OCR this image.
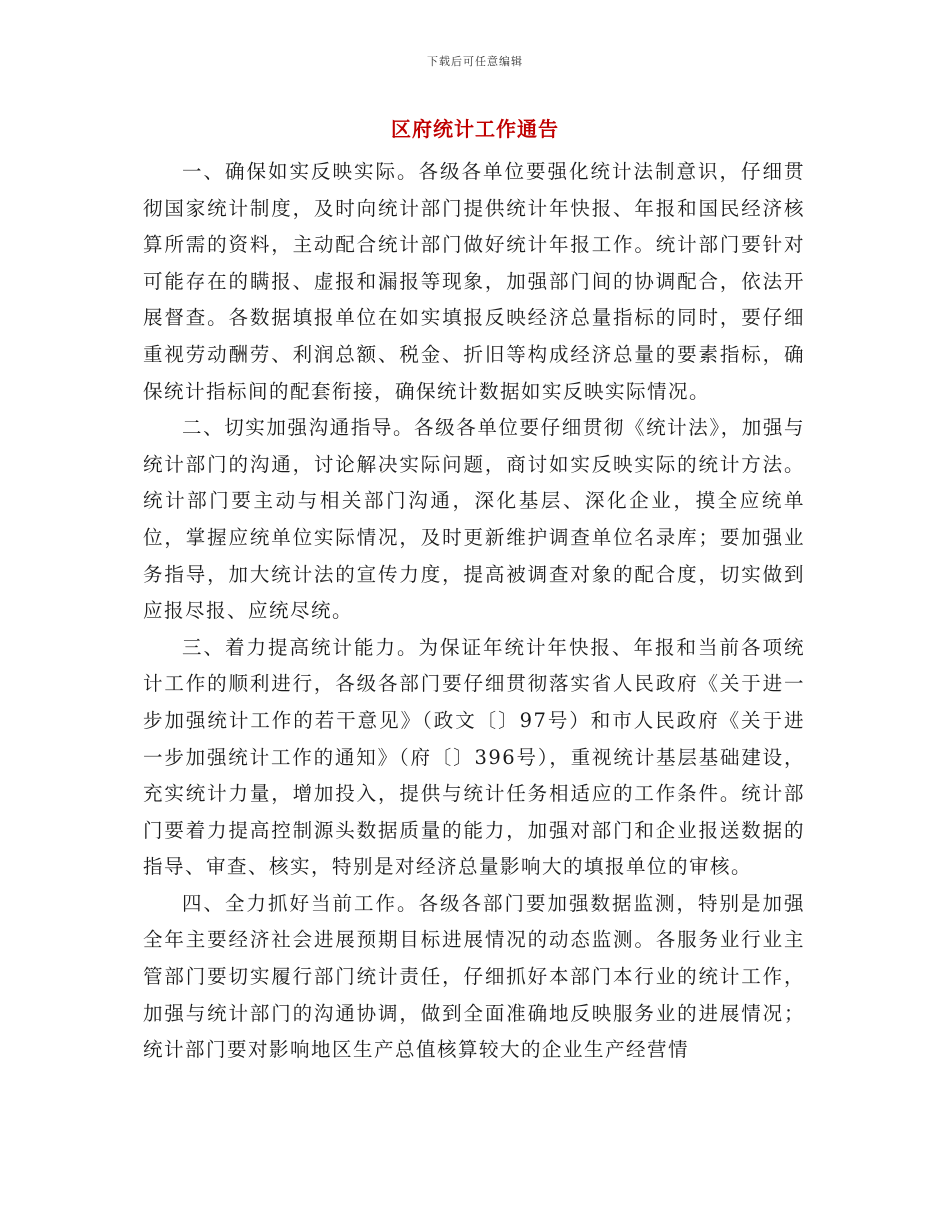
下载后可任意编辑
区府统计工作通告

一、确保如实反映实际。各级各单位要强化统计法制意识，仔细贯彻国家统计制度，及时向统计部门提供统计年快报、年报和国民经济核算所需的资料，主动配合统计部门做好统计年报工作。统计部门要针对可能存在的瞒报、虚报和漏报等现象，加强部门间的协调配合，依法开展督查。各数据填报单位在如实填报反映经济总量指标的同时，要仔细重视劳动酬劳、利润总额、税金、折旧等构成经济总量的要素指标，确保统计指标间的配套衔接，确保统计数据如实反映实际情况。

二、切实加强沟通指导。各级各单位要仔细贯彻《统计法》，加强与统计部门的沟通，讨论解决实际问题，商讨如实反映实际的统计方法。统计部门要主动与相关部门沟通，深化基层、深化企业，摸全应统单位，掌握应统单位实际情况，及时更新维护调查单位名录库；要加强业务指导，加大统计法的宣传力度，提高被调查对象的配合度，切实做到应报尽报、应统尽统。

三、着力提高统计能力。为保证年统计年快报、年报和当前各项统计工作的顺利进行，各级各部门要仔细贯彻落实省人民政府《关于进一步加强统计工作的若干意见》（政文〔〕97号）和市人民政府《关于进一步加强统计工作的通知》（府〔〕396号），重视统计基层基础建设，充实统计力量，增加投入，提供与统计任务相适应的工作条件。统计部门要着力提高控制源头数据质量的能力，加强对部门和企业报送数据的指导、审查、核实，特别是对经济总量影响大的填报单位的审核。

四、全力抓好当前工作。各级各部门要加强数据监测，特别是加强全年主要经济社会进展预期目标进展情况的动态监测。各服务业行业主管部门要切实履行部门统计责任，仔细抓好本部门本行业的统计工作，加强与统计部门的沟通协调，做到全面准确地反映服务业的进展情况；统计部门要对影响地区生产总值核算较大的企业生产经营情
